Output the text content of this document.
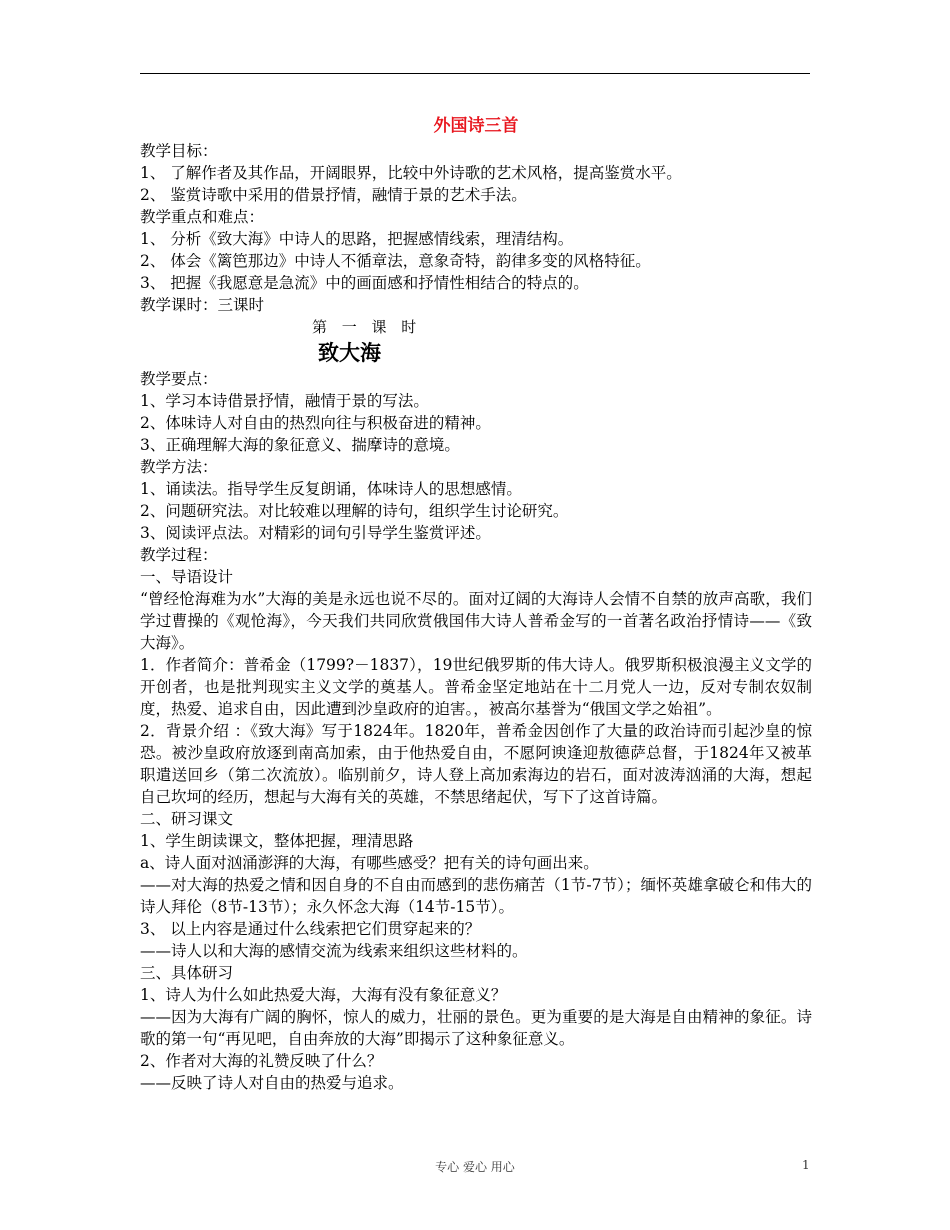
外国诗三首

教学目标：

1、 了解作者及其作品，开阔眼界，比较中外诗歌的艺术风格，提高鉴赏水平。

2、 鉴赏诗歌中采用的借景抒情，融情于景的艺术手法。

教学重点和难点：

1、 分析《致大海》中诗人的思路，把握感情线索，理清结构。

2、 体会《篱笆那边》中诗人不循章法，意象奇特，韵律多变的风格特征。

3、 把握《我愿意是急流》中的画面感和抒情性相结合的特点的。

教学课时：三课时

第 一 课 时

致大海

教学要点：

1、学习本诗借景抒情，融情于景的写法。

2、体味诗人对自由的热烈向往与积极奋进的精神。

3、正确理解大海的象征意义、揣摩诗的意境。

教学方法：

1、诵读法。指导学生反复朗诵，体味诗人的思想感情。

2、问题研究法。对比较难以理解的诗句，组织学生讨论研究。

3、阅读评点法。对精彩的词句引导学生鉴赏评述。

教学过程：

一、导语设计

“曾经怆海难为水”大海的美是永远也说不尽的。面对辽阔的大海诗人会情不自禁的放声高歌，我们学过曹操的《观怆海》，今天我们共同欣赏俄国伟大诗人普希金写的一首著名政治抒情诗——《致大海》。

1．作者简介：普希金（1799?－1837），19世纪俄罗斯的伟大诗人。俄罗斯积极浪漫主义文学的开创者，也是批判现实主义文学的奠基人。普希金坚定地站在十二月党人一边，反对专制农奴制度，热爱、追求自由，因此遭到沙皇政府的迫害。，被高尔基誉为“俄国文学之始祖”。

2．背景介绍 ：《致大海》写于1824年。1820年，普希金因创作了大量的政治诗而引起沙皇的惊恐。被沙皇政府放逐到南高加索，由于他热爱自由，不愿阿谀逢迎敖德萨总督，于1824年又被革职遣送回乡（第二次流放）。临别前夕，诗人登上高加索海边的岩石，面对波涛汹涌的大海，想起自己坎坷的经历，想起与大海有关的英雄，不禁思绪起伏，写下了这首诗篇。

二、研习课文

1、学生朗读课文，整体把握，理清思路

a、诗人面对汹涌澎湃的大海，有哪些感受？把有关的诗句画出来。

——对大海的热爱之情和因自身的不自由而感到的悲伤痛苦（1节-7节）；缅怀英雄拿破仑和伟大的诗人拜伦（8节-13节）；永久怀念大海（14节-15节）。

3、 以上内容是通过什么线索把它们贯穿起来的？

——诗人以和大海的感情交流为线索来组织这些材料的。

三、具体研习

1、诗人为什么如此热爱大海，大海有没有象征意义？

——因为大海有广阔的胸怀，惊人的威力，壮丽的景色。更为重要的是大海是自由精神的象征。诗歌的第一句“再见吧，自由奔放的大海”即揭示了这种象征意义。

2、作者对大海的礼赞反映了什么？

——反映了诗人对自由的热爱与追求。

专心 爱心 用心	1
